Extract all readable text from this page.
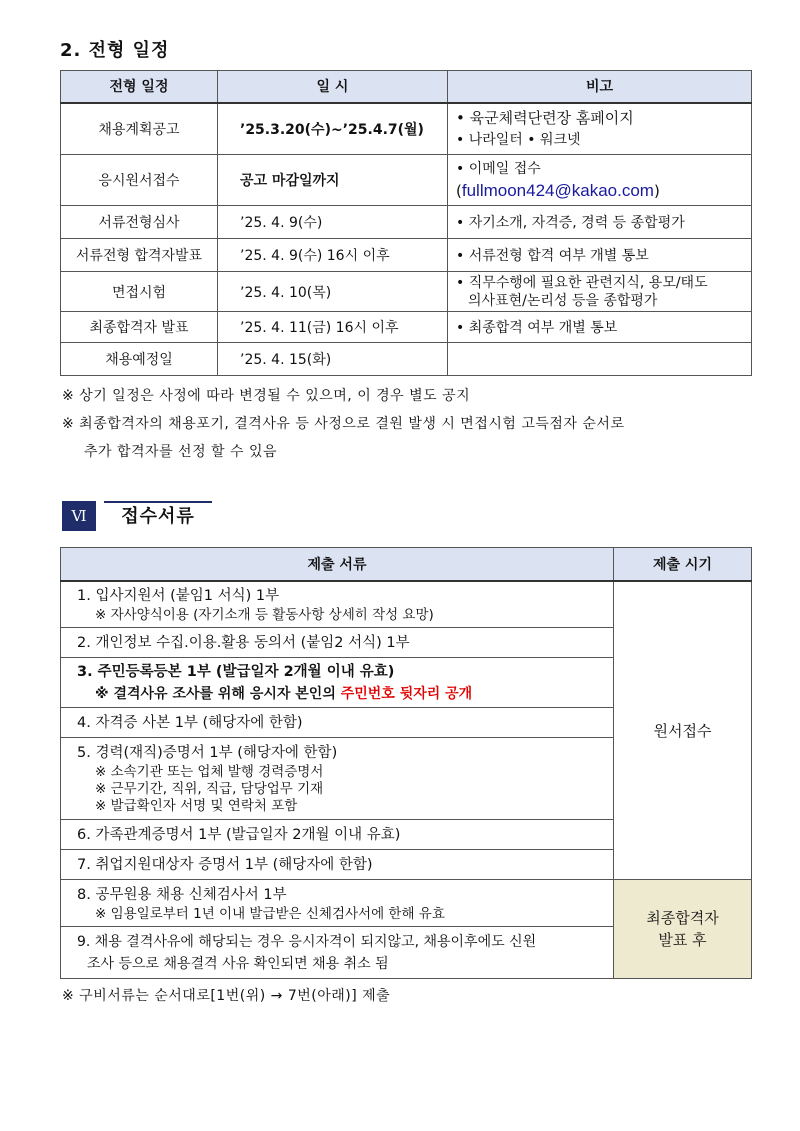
2. 전형 일정
전형 일정	일 시	비고
채용계획공고	’25.3.20(수)~’25.4.7(월)	• 육군체력단련장 홈페이지
• 나라일터 • 워크넷

응시원서접수	공고 마감일까지	• 이메일 접수
(fullmoon424@kakao.com)

서류전형심사	’25. 4. 9(수)	• 자기소개, 자격증, 경력 등 종합평가
서류전형 합격자발표	’25. 4. 9(수) 16시 이후	• 서류전형 합격 여부 개별 통보
면접시험	’25. 4. 10(목)	• 직무수행에 필요한 관련지식, 용모/태도
의사표현/논리성 등을 종합평가

최종합격자 발표	’25. 4. 11(금) 16시 이후	• 최종합격 여부 개별 통보
채용예정일	’25. 4. 15(화)	
※ 상기 일정은 사정에 따라 변경될 수 있으며, 이 경우 별도 공지
※ 최종합격자의 채용포기, 결격사유 등 사정으로 결원 발생 시 면접시험 고득점자 순서로
추가 합격자를 선정 할 수 있음
Ⅵ	접수서류
제출 서류	제출 시기

1. 입사지원서 (붙임1 서식) 1부
※ 자사양식이용 (자기소개 등 활동사항 상세히 작성 요망)	원서접수
2. 개인정보 수집.이용.활용 동의서 (붙임2 서식) 1부	

3. 주민등록등본 1부 (발급일자 2개월 이내 유효)
※ 결격사유 조사를 위해 응시자 본인의 주민번호 뒷자리 공개	

4. 자격증 사본 1부 (해당자에 한함)	

5. 경력(재직)증명서 1부 (해당자에 한함)
※ 소속기관 또는 업체 발행 경력증명서
※ 근무기간, 직위, 직급, 담당업무 기재
※ 발급확인자 서명 및 연락처 포함	

6. 가족관계증명서 1부 (발급일자 2개월 이내 유효)	
7. 취업지원대상자 증명서 1부 (해당자에 한함)	

8. 공무원용 채용 신체검사서 1부
※ 임용일로부터 1년 이내 발급받은 신체검사서에 한해 유효	최종합격자
발표 후

9. 채용 결격사유에 해당되는 경우 응시자격이 되지않고, 채용이후에도 신원
조사 등으로 채용결격 사유 확인되면 채용 취소 됨	
※ 구비서류는 순서대로[1번(위) → 7번(아래)] 제출
